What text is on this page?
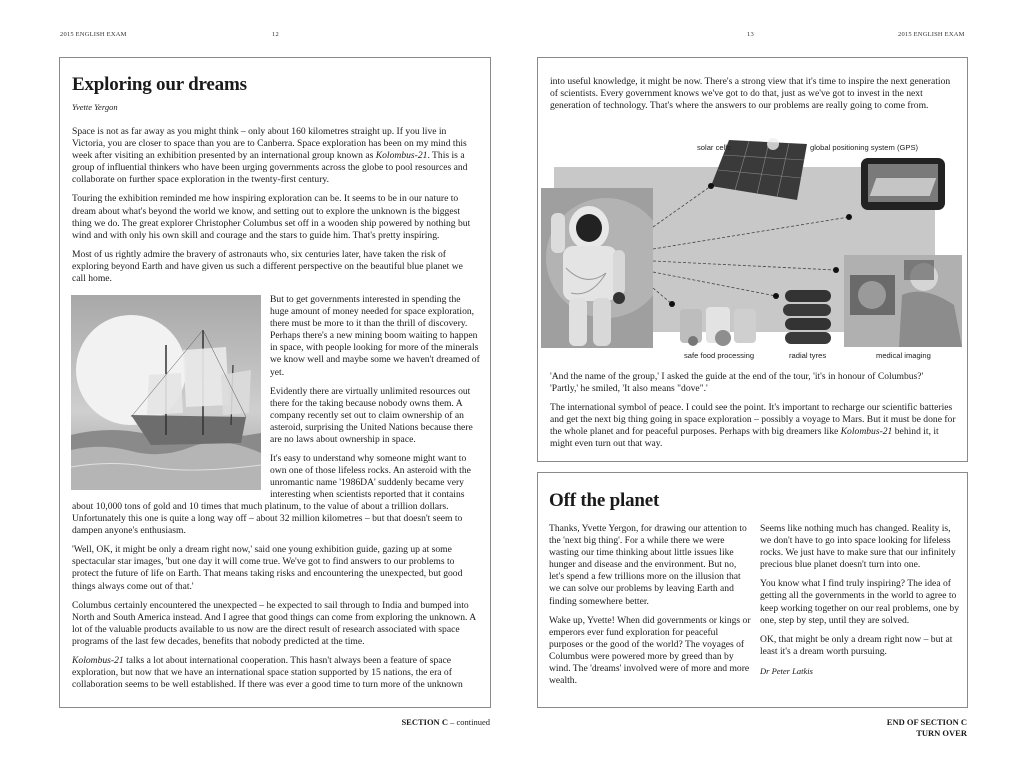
2015 ENGLISH EXAM	12
Exploring our dreams
Yvette Yergon

Space is not as far away as you might think – only about 160 kilometres straight up. If you live in Victoria, you are closer to space than you are to Canberra. Space exploration has been on my mind this week after visiting an exhibition presented by an international group known as Kolombus-21. This is a group of influential thinkers who have been urging governments across the globe to pool resources and collaborate on further space exploration in the twenty-first century.

Touring the exhibition reminded me how inspiring exploration can be. It seems to be in our nature to dream about what's beyond the world we know, and setting out to explore the unknown is the biggest thing we do. The great explorer Christopher Columbus set off in a wooden ship powered by nothing but wind and with only his own skill and courage and the stars to guide him. That's pretty inspiring.

Most of us rightly admire the bravery of astronauts who, six centuries later, have taken the risk of exploring beyond Earth and have given us such a different perspective on the beautiful blue planet we call home.

But to get governments interested in spending the huge amount of money needed for space exploration, there must be more to it than the thrill of discovery. Perhaps there's a new mining boom waiting to happen in space, with people looking for more of the minerals we know well and maybe some we haven't dreamed of yet.

Evidently there are virtually unlimited resources out there for the taking because nobody owns them. A company recently set out to claim ownership of an asteroid, surprising the United Nations because there are no laws about ownership in space.

It's easy to understand why someone might want to own one of those lifeless rocks. An asteroid with the unromantic name '1986DA' suddenly became very interesting when scientists reported that it contains

about 10,000 tons of gold and 10 times that much platinum, to the value of about a trillion dollars. Unfortunately this one is quite a long way off – about 32 million kilometres – but that doesn't seem to dampen anyone's enthusiasm.

'Well, OK, it might be only a dream right now,' said one young exhibition guide, gazing up at some spectacular star images, 'but one day it will come true. We've got to find answers to our problems to protect the future of life on Earth. That means taking risks and encountering the unexpected, but good things always come out of that.'

Columbus certainly encountered the unexpected – he expected to sail through to India and bumped into North and South America instead. And I agree that good things can come from exploring the unknown. A lot of the valuable products available to us now are the direct result of research associated with space programs of the last few decades, benefits that nobody predicted at the time.

Kolombus-21 talks a lot about international cooperation. This hasn't always been a feature of space exploration, but now that we have an international space station supported by 15 nations, the era of collaboration seems to be well established. If there was ever a good time to turn more of the unknown

SECTION C – continued
13	2015 ENGLISH EXAM

into useful knowledge, it might be now. There's a strong view that it's time to inspire the next generation of scientists. Every government knows we've got to do that, just as we've got to invest in the next generation of technology. That's where the answers to our problems are really going to come from.

solar cells	global positioning system (GPS)
medical imaging
safe food processing	radial tyres

'And the name of the group,' I asked the guide at the end of the tour, 'it's in honour of Columbus?'

'Partly,' he smiled, 'It also means "dove".'

The international symbol of peace. I could see the point. It's important to recharge our scientific batteries and get the next big thing going in space exploration – possibly a voyage to Mars. But it must be done for the whole planet and for peaceful purposes. Perhaps with big dreamers like Kolombus-21 behind it, it might even turn out that way.

Off the planet

Thanks, Yvette Yergon, for drawing our attention to the 'next big thing'. For a while there we were wasting our time thinking about little issues like hunger and disease and the environment. But no, let's spend a few trillions more on the illusion that we can solve our problems by leaving Earth and finding somewhere better.

Wake up, Yvette! When did governments or kings or emperors ever fund exploration for peaceful purposes or the good of the world? The voyages of Columbus were powered more by greed than by wind. The 'dreams' involved were of more and more wealth.

Seems like nothing much has changed. Reality is, we don't have to go into space looking for lifeless rocks. We just have to make sure that our infinitely precious blue planet doesn't turn into one.

You know what I find truly inspiring? The idea of getting all the governments in the world to agree to keep working together on our real problems, one by one, step by step, until they are solved.

OK, that might be only a dream right now – but at least it's a dream worth pursuing.

Dr Peter Latkis

END OF SECTION C
TURN OVER
